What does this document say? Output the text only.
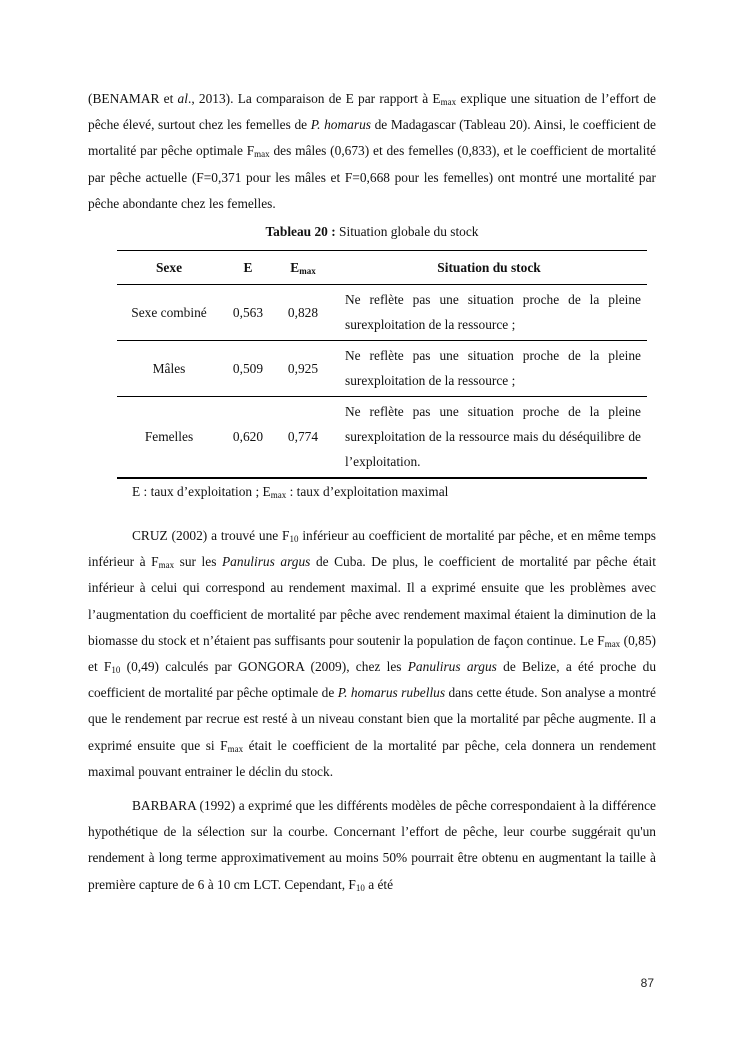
(BENAMAR et al., 2013). La comparaison de E par rapport à $E_{max}$ explique une situation de l’effort de pêche élevé, surtout chez les femelles de P. homarus de Madagascar (Tableau 20). Ainsi, le coefficient de mortalité par pêche optimale $F_{max}$ des mâles (0,673) et des femelles (0,833), et le coefficient de mortalité par pêche actuelle (F=0,371 pour les mâles et F=0,668 pour les femelles) ont montré une mortalité par pêche abondante chez les femelles.

Tableau 20 : Situation globale du stock

Sexe	E	$E_{max}$	Situation du stock
Sexe combiné	0,563	0,828	Ne reflète pas une situation proche de la pleine surexploitation de la ressource ;
Mâles	0,509	0,925	Ne reflète pas une situation proche de la pleine surexploitation de la ressource ;
Femelles	0,620	0,774	Ne reflète pas une situation proche de la pleine surexploitation de la ressource mais du déséquilibre de l’exploitation.

E : taux d’exploitation ; $E_{max}$ : taux d’exploitation maximal

CRUZ (2002) a trouvé une $F_{10}$ inférieur au coefficient de mortalité par pêche, et en même temps inférieur à $F_{max}$ sur les Panulirus argus de Cuba. De plus, le coefficient de mortalité par pêche était inférieur à celui qui correspond au rendement maximal. Il a exprimé ensuite que les problèmes avec l’augmentation du coefficient de mortalité par pêche avec rendement maximal étaient la diminution de la biomasse du stock et n’étaient pas suffisants pour soutenir la population de façon continue. Le $F_{max}$ (0,85) et $F_{10}$ (0,49) calculés par GONGORA (2009), chez les Panulirus argus de Belize, a été proche du coefficient de mortalité par pêche optimale de P. homarus rubellus dans cette étude. Son analyse a montré que le rendement par recrue est resté à un niveau constant bien que la mortalité par pêche augmente. Il a exprimé ensuite que si $F_{max}$ était le coefficient de la mortalité par pêche, cela donnera un rendement maximal pouvant entrainer le déclin du stock.

BARBARA (1992) a exprimé que les différents modèles de pêche correspondaient à la différence hypothétique de la sélection sur la courbe. Concernant l’effort de pêche, leur courbe suggérait qu'un rendement à long terme approximativement au moins 50% pourrait être obtenu en augmentant la taille à première capture de 6 à 10 cm LCT. Cependant, $F_{10}$ a été

87
